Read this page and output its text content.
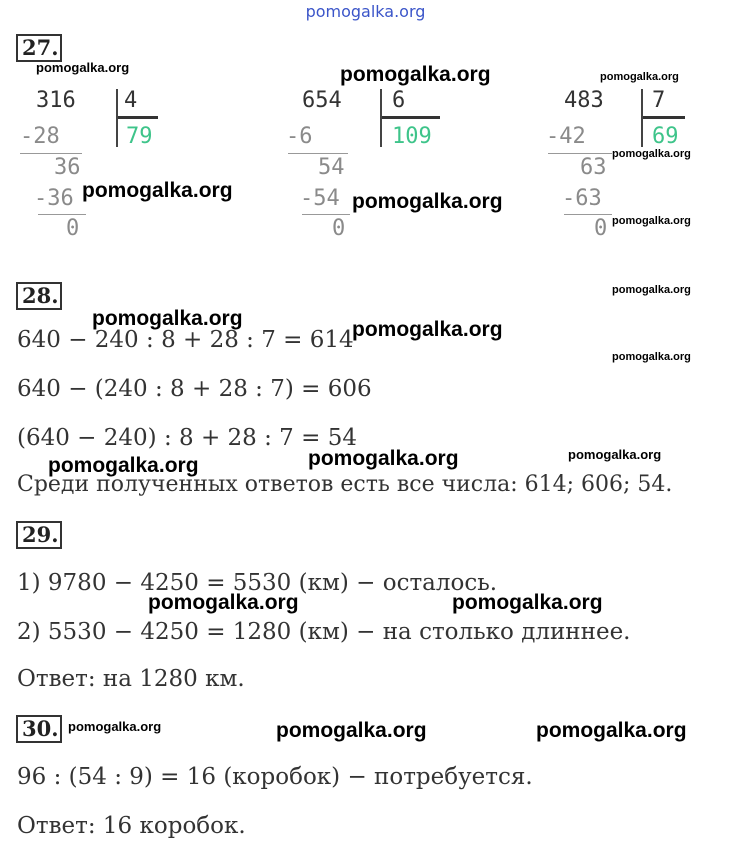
pomogalka.org
27.
316 4
79
-28
36
-36
0
654 6
109
-6
54
-54
0
483 7
69
-42
63
-63
0
28.
640 − 240 : 8 + 28 : 7 = 614
640 − (240 : 8 + 28 : 7) = 606
(640 − 240) : 8 + 28 : 7 = 54
Среди полученных ответов есть все числа: 614; 606; 54.
29.
1) 9780 − 4250 = 5530 (км) − осталось.
2) 5530 − 4250 = 1280 (км) − на столько длиннее.
Ответ: на 1280 км.
30.
96 : (54 : 9) = 16 (коробок) − потребуется.
Ответ: 16 коробок.
pomogalka.org	pomogalka.org	pomogalka.org
pomogalka.org
pomogalka.org	pomogalka.org
pomogalka.org
pomogalka.org
pomogalka.org	pomogalka.org
pomogalka.org
pomogalka.org
pomogalka.org
pomogalka.org
pomogalka.org	pomogalka.org
pomogalka.org	pomogalka.org	pomogalka.org
